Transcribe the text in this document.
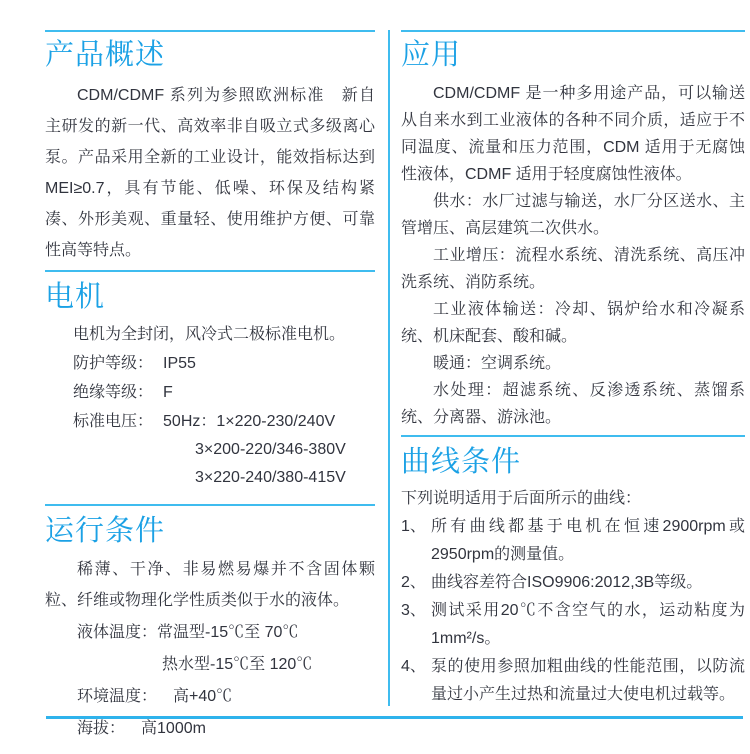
产品概述

CDM/CDMF 系列为参照欧洲标准　新自主研发的新一代、高效率非自吸立式多级离心泵。产品采用全新的工业设计，能效指标达到 MEI≥0.7，具有节能、低噪、环保及结构紧凑、外形美观、重量轻、使用维护方便、可靠性高等特点。

电机

电机为全封闭，风冷式二极标准电机。

防护等级： IP55
绝缘等级： F
标准电压： 50Hz：1×220-230/240V
3×200-220/346-380V
3×220-240/380-415V
运行条件

稀薄、干净、非易燃易爆并不含固体颗粒、纤维或物理化学性质类似于水的液体。

液体温度： 常温型-15℃至 70℃
热水型-15℃至 120℃
环境温度： 高+40℃
海拔： 高1000m
应用

CDM/CDMF 是一种多用途产品，可以输送从自来水到工业液体的各种不同介质，适应于不同温度、流量和压力范围，CDM 适用于无腐蚀性液体，CDMF 适用于轻度腐蚀性液体。

供水：水厂过滤与输送，水厂分区送水、主管增压、高层建筑二次供水。

工业增压：流程水系统、清洗系统、高压冲洗系统、消防系统。

工业液体输送：冷却、锅炉给水和冷凝系统、机床配套、酸和碱。

暖通：空调系统。

水处理：超滤系统、反渗透系统、蒸馏系统、分离器、游泳池。

曲线条件

下列说明适用于后面所示的曲线：

1、 所有曲线都基于电机在恒速2900rpm或2950rpm的测量值。
2、 曲线容差符合ISO9906:2012,3B等级。
3、 测试采用20℃不含空气的水，运动粘度为1mm²/s。
4、 泵的使用参照加粗曲线的性能范围，以防流量过小产生过热和流量过大使电机过载等。
